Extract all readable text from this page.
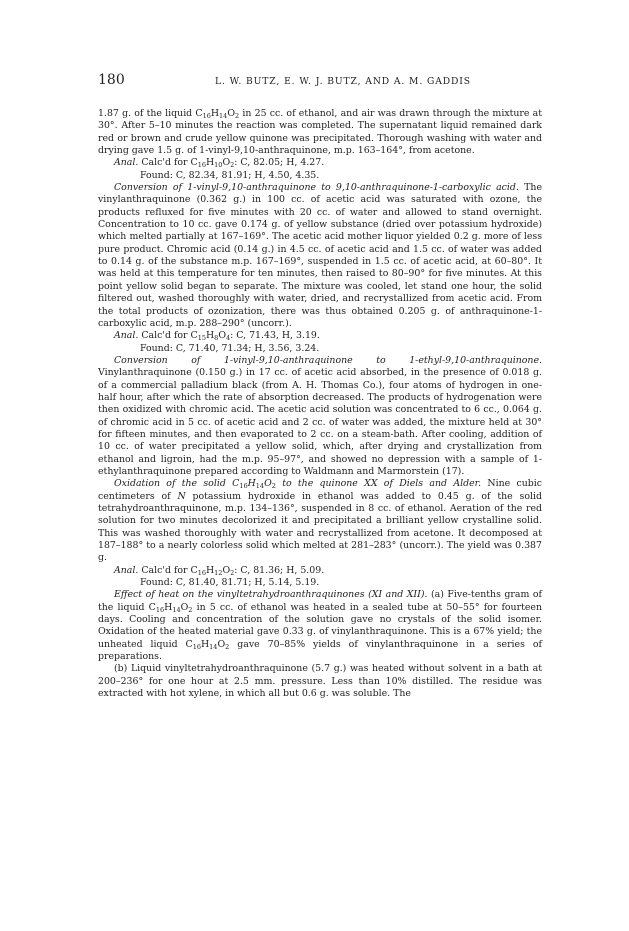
180	L. W. BUTZ, E. W. J. BUTZ, AND A. M. GADDIS

1.87 g. of the liquid $C_{16}H_{14}O_2$ in 25 cc. of ethanol, and air was drawn through the mixture at 30°. After 5–10 minutes the reaction was completed. The supernatant liquid remained dark red or brown and crude yellow quinone was precipitated. Thorough washing with water and drying gave 1.5 g. of 1-vinyl-9,10-anthraquinone, m.p. 163–164°, from acetone.

Anal. Calc'd for $C_{16}H_{10}O_2$: C, 82.05; H, 4.27.

Found: C, 82.34, 81.91; H, 4.50, 4.35.

Conversion of 1-vinyl-9,10-anthraquinone to 9,10-anthraquinone-1-carboxylic acid. The vinylanthraquinone (0.362 g.) in 100 cc. of acetic acid was saturated with ozone, the products refluxed for five minutes with 20 cc. of water and allowed to stand overnight. Concentration to 10 cc. gave 0.174 g. of yellow substance (dried over potassium hydroxide) which melted partially at 167–169°. The acetic acid mother liquor yielded 0.2 g. more of less pure product. Chromic acid (0.14 g.) in 4.5 cc. of acetic acid and 1.5 cc. of water was added to 0.14 g. of the substance m.p. 167–169°, suspended in 1.5 cc. of acetic acid, at 60–80°. It was held at this temperature for ten minutes, then raised to 80–90° for five minutes. At this point yellow solid began to separate. The mixture was cooled, let stand one hour, the solid filtered out, washed thoroughly with water, dried, and recrystallized from acetic acid. From the total products of ozonization, there was thus obtained 0.205 g. of anthraquinone-1-carboxylic acid, m.p. 288–290° (uncorr.).

Anal. Calc'd for $C_{15}H_8O_4$: C, 71.43, H, 3.19.

Found: C, 71.40, 71.34; H, 3.56, 3.24.

Conversion of 1-vinyl-9,10-anthraquinone to 1-ethyl-9,10-anthraquinone. Vinylanthraquinone (0.150 g.) in 17 cc. of acetic acid absorbed, in the presence of 0.018 g. of a commercial palladium black (from A. H. Thomas Co.), four atoms of hydrogen in one-half hour, after which the rate of absorption decreased. The products of hydrogenation were then oxidized with chromic acid. The acetic acid solution was concentrated to 6 cc., 0.064 g. of chromic acid in 5 cc. of acetic acid and 2 cc. of water was added, the mixture held at 30° for fifteen minutes, and then evaporated to 2 cc. on a steam-bath. After cooling, addition of 10 cc. of water precipitated a yellow solid, which, after drying and crystallization from ethanol and ligroin, had the m.p. 95–97°, and showed no depression with a sample of 1-ethylanthraquinone prepared according to Waldmann and Marmorstein (17).

Oxidation of the solid $C_{16}H_{14}O_2$ to the quinone XX of Diels and Alder. Nine cubic centimeters of N potassium hydroxide in ethanol was added to 0.45 g. of the solid tetrahydroanthraquinone, m.p. 134–136°, suspended in 8 cc. of ethanol. Aeration of the red solution for two minutes decolorized it and precipitated a brilliant yellow crystalline solid. This was washed thoroughly with water and recrystallized from acetone. It decomposed at 187–188° to a nearly colorless solid which melted at 281–283° (uncorr.). The yield was 0.387 g.

Anal. Calc'd for $C_{16}H_{12}O_2$: C, 81.36; H, 5.09.

Found: C, 81.40, 81.71; H, 5.14, 5.19.

Effect of heat on the vinyltetrahydroanthraquinones (XI and XII). (a) Five-tenths gram of the liquid $C_{16}H_{14}O_2$ in 5 cc. of ethanol was heated in a sealed tube at 50–55° for fourteen days. Cooling and concentration of the solution gave no crystals of the solid isomer. Oxidation of the heated material gave 0.33 g. of vinylanthraquinone. This is a 67% yield; the unheated liquid $C_{16}H_{14}O_2$ gave 70–85% yields of vinylanthraquinone in a series of preparations.

(b) Liquid vinyltetrahydroanthraquinone (5.7 g.) was heated without solvent in a bath at 200–236° for one hour at 2.5 mm. pressure. Less than 10% distilled. The residue was extracted with hot xylene, in which all but 0.6 g. was soluble. The
